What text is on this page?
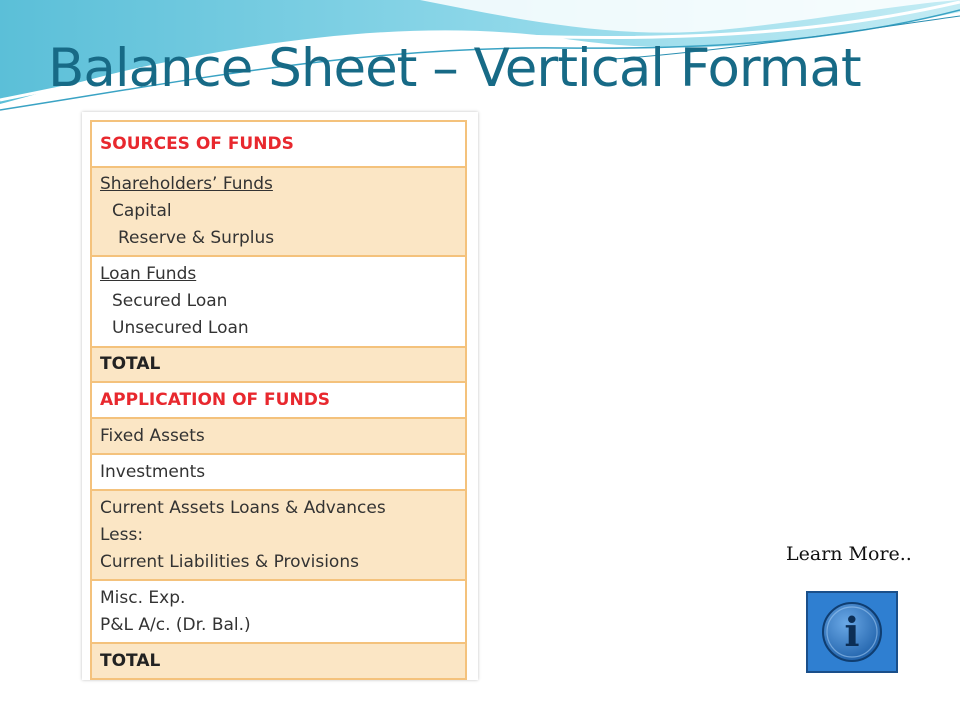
Balance Sheet – Vertical Format
SOURCES OF FUNDS

Shareholders’ Funds
Capital
Reserve & Surplus

Loan Funds
Secured Loan
Unsecured Loan

TOTAL
APPLICATION OF FUNDS
Fixed Assets
Investments

Current Assets Loans & Advances
Less:
Current Liabilities & Provisions

Misc. Exp.
P&L A/c. (Dr. Bal.)

TOTAL
Learn More..
i
